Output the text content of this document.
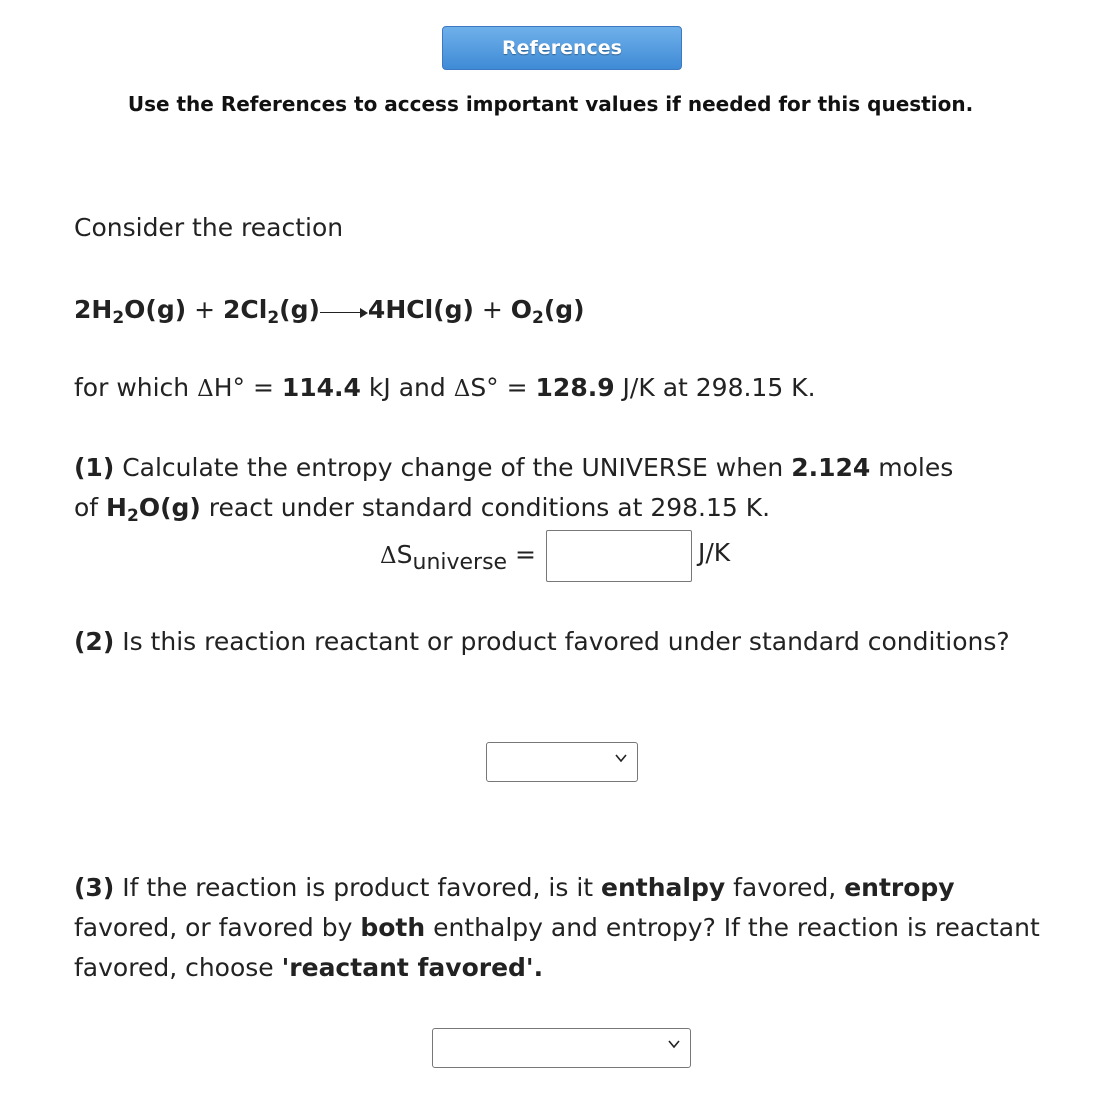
References
Use the References to access important values if needed for this question.
Consider the reaction
$2H_2O(g) + 2Cl_2(g) 4HCl(g) + O_2(g)$
for which ΔH° = 114.4 kJ and ΔS° = 128.9 J/K at 298.15 K.
(1) Calculate the entropy change of the UNIVERSE when 2.124 moles
of $H_2O(g)$ react under standard conditions at 298.15 K.
ΔSuniverse =	J/K
(2) Is this reaction reactant or product favored under standard conditions?
(3) If the reaction is product favored, is it enthalpy favored, entropy favored, or favored by both enthalpy and entropy? If the reaction is reactant favored, choose 'reactant favored'.
